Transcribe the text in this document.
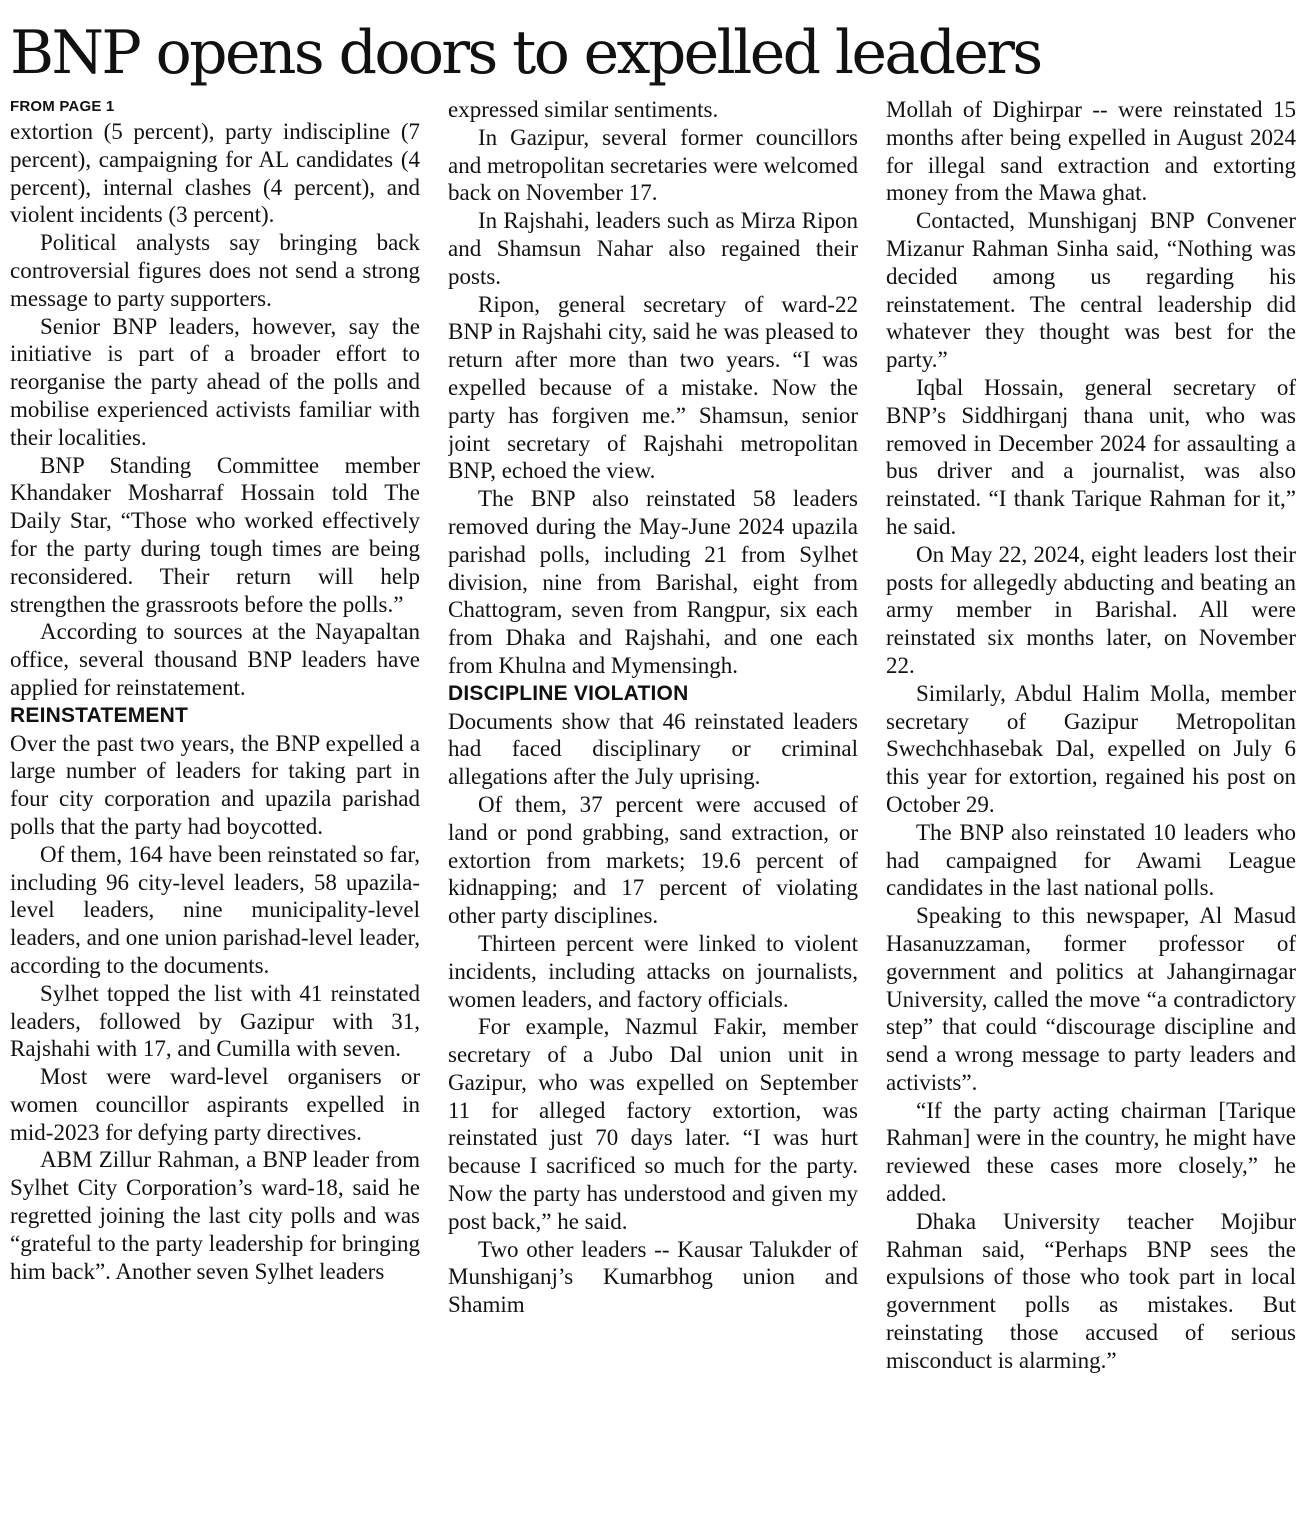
BNP opens doors to expelled leaders
FROM PAGE 1

extortion (5 percent), party indiscipline (7 percent), campaigning for AL candidates (4 percent), internal clashes (4 percent), and violent incidents (3 percent).

Political analysts say bringing back controversial figures does not send a strong message to party supporters.

Senior BNP leaders, however, say the initiative is part of a broader effort to reorganise the party ahead of the polls and mobilise experienced activists familiar with their localities.

BNP Standing Committee member Khandaker Mosharraf Hossain told The Daily Star, “Those who worked effectively for the party during tough times are being reconsidered. Their return will help strengthen the grassroots before the polls.”

According to sources at the Nayapaltan office, several thousand BNP leaders have applied for reinstatement.

REINSTATEMENT

Over the past two years, the BNP expelled a large number of leaders for taking part in four city corporation and upazila parishad polls that the party had boycotted.

Of them, 164 have been reinstated so far, including 96 city-level leaders, 58 upazila-level leaders, nine municipality-level leaders, and one union parishad-level leader, according to the documents.

Sylhet topped the list with 41 reinstated leaders, followed by Gazipur with 31, Rajshahi with 17, and Cumilla with seven.

Most were ward-level organisers or women councillor aspirants expelled in mid-2023 for defying party directives.

ABM Zillur Rahman, a BNP leader from Sylhet City Corporation’s ward-18, said he regretted joining the last city polls and was “grateful to the party leadership for bringing him back”. Another seven Sylhet leaders

expressed similar sentiments.

In Gazipur, several former councillors and metropolitan secretaries were welcomed back on November 17.

In Rajshahi, leaders such as Mirza Ripon and Shamsun Nahar also regained their posts.

Ripon, general secretary of ward-22 BNP in Rajshahi city, said he was pleased to return after more than two years. “I was expelled because of a mistake. Now the party has forgiven me.” Shamsun, senior joint secretary of Rajshahi metropolitan BNP, echoed the view.

The BNP also reinstated 58 leaders removed during the May-June 2024 upazila parishad polls, including 21 from Sylhet division, nine from Barishal, eight from Chattogram, seven from Rangpur, six each from Dhaka and Rajshahi, and one each from Khulna and Mymensingh.

DISCIPLINE VIOLATION

Documents show that 46 reinstated leaders had faced disciplinary or criminal allegations after the July uprising.

Of them, 37 percent were accused of land or pond grabbing, sand extraction, or extortion from markets; 19.6 percent of kidnapping; and 17 percent of violating other party disciplines.

Thirteen percent were linked to violent incidents, including attacks on journalists, women leaders, and factory officials.

For example, Nazmul Fakir, member secretary of a Jubo Dal union unit in Gazipur, who was expelled on September 11 for alleged factory extortion, was reinstated just 70 days later. “I was hurt because I sacrificed so much for the party. Now the party has understood and given my post back,” he said.

Two other leaders -- Kausar Talukder of Munshiganj’s Kumarbhog union and Shamim

Mollah of Dighirpar -- were reinstated 15 months after being expelled in August 2024 for illegal sand extraction and extorting money from the Mawa ghat.

Contacted, Munshiganj BNP Convener Mizanur Rahman Sinha said, “Nothing was decided among us regarding his reinstatement. The central leadership did whatever they thought was best for the party.”

Iqbal Hossain, general secretary of BNP’s Siddhirganj thana unit, who was removed in December 2024 for assaulting a bus driver and a journalist, was also reinstated. “I thank Tarique Rahman for it,” he said.

On May 22, 2024, eight leaders lost their posts for allegedly abducting and beating an army member in Barishal. All were reinstated six months later, on November 22.

Similarly, Abdul Halim Molla, member secretary of Gazipur Metropolitan Swechchhasebak Dal, expelled on July 6 this year for extortion, regained his post on October 29.

The BNP also reinstated 10 leaders who had campaigned for Awami League candidates in the last national polls.

Speaking to this newspaper, Al Masud Hasanuzzaman, former professor of government and politics at Jahangirnagar University, called the move “a contradictory step” that could “discourage discipline and send a wrong message to party leaders and activists”.

“If the party acting chairman [Tarique Rahman] were in the country, he might have reviewed these cases more closely,” he added.

Dhaka University teacher Mojibur Rahman said, “Perhaps BNP sees the expulsions of those who took part in local government polls as mistakes. But reinstating those accused of serious misconduct is alarming.”
